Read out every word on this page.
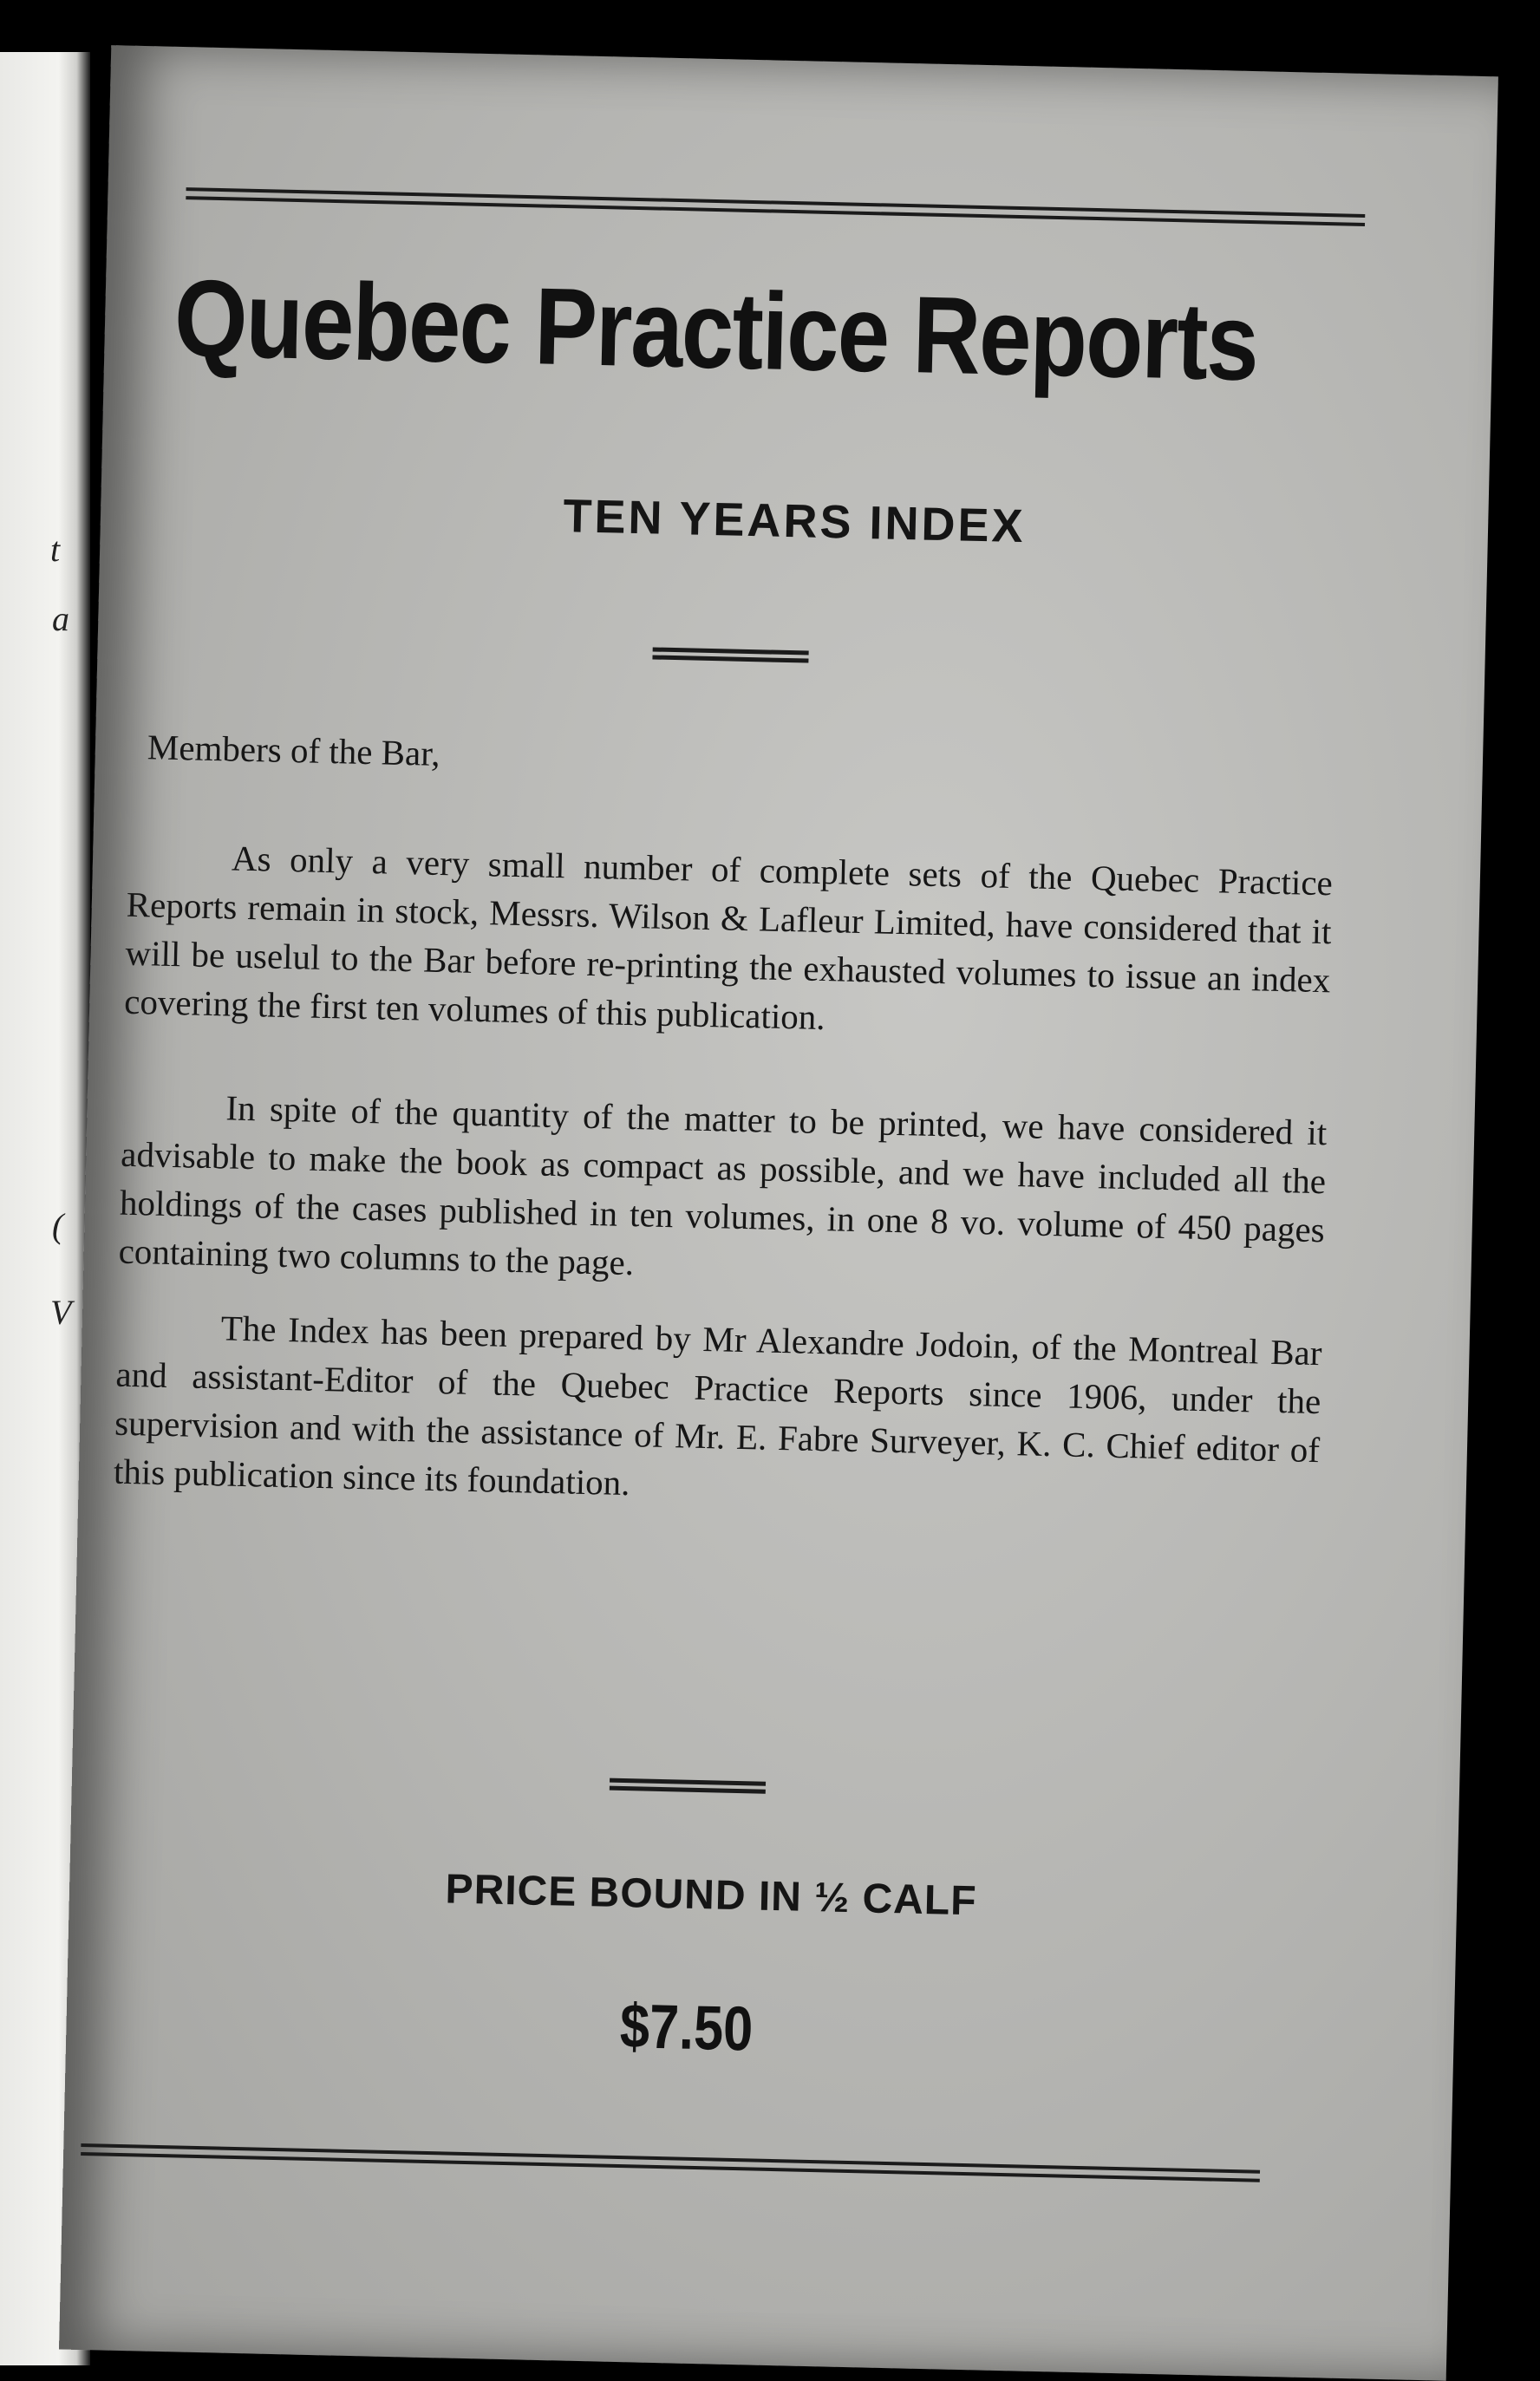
t
a
(
V
Quebec Practice Reports
TEN YEARS INDEX

Members of the Bar,

As only a very small number of complete sets of the Quebec Practice Reports remain in stock, Messrs. Wilson & Lafleur Limited, have considered that it will be uselul to the Bar before re-printing the exhausted volumes to issue an index covering the first ten volumes of this publication.

In spite of the quantity of the matter to be printed, we have considered it advisable to make the book as compact as possible, and we have included all the holdings of the cases published in ten volumes, in one 8 vo. volume of 450 pages containing two columns to the page.

The Index has been prepared by Mr Alexandre Jodoin, of the Montreal Bar and assistant-Editor of the Quebec Practice Reports since 1906, under the supervision and with the assistance of Mr. E. Fabre Surveyer, K. C. Chief editor of this publication since its foundation.

PRICE BOUND IN ½ CALF
$7.50
